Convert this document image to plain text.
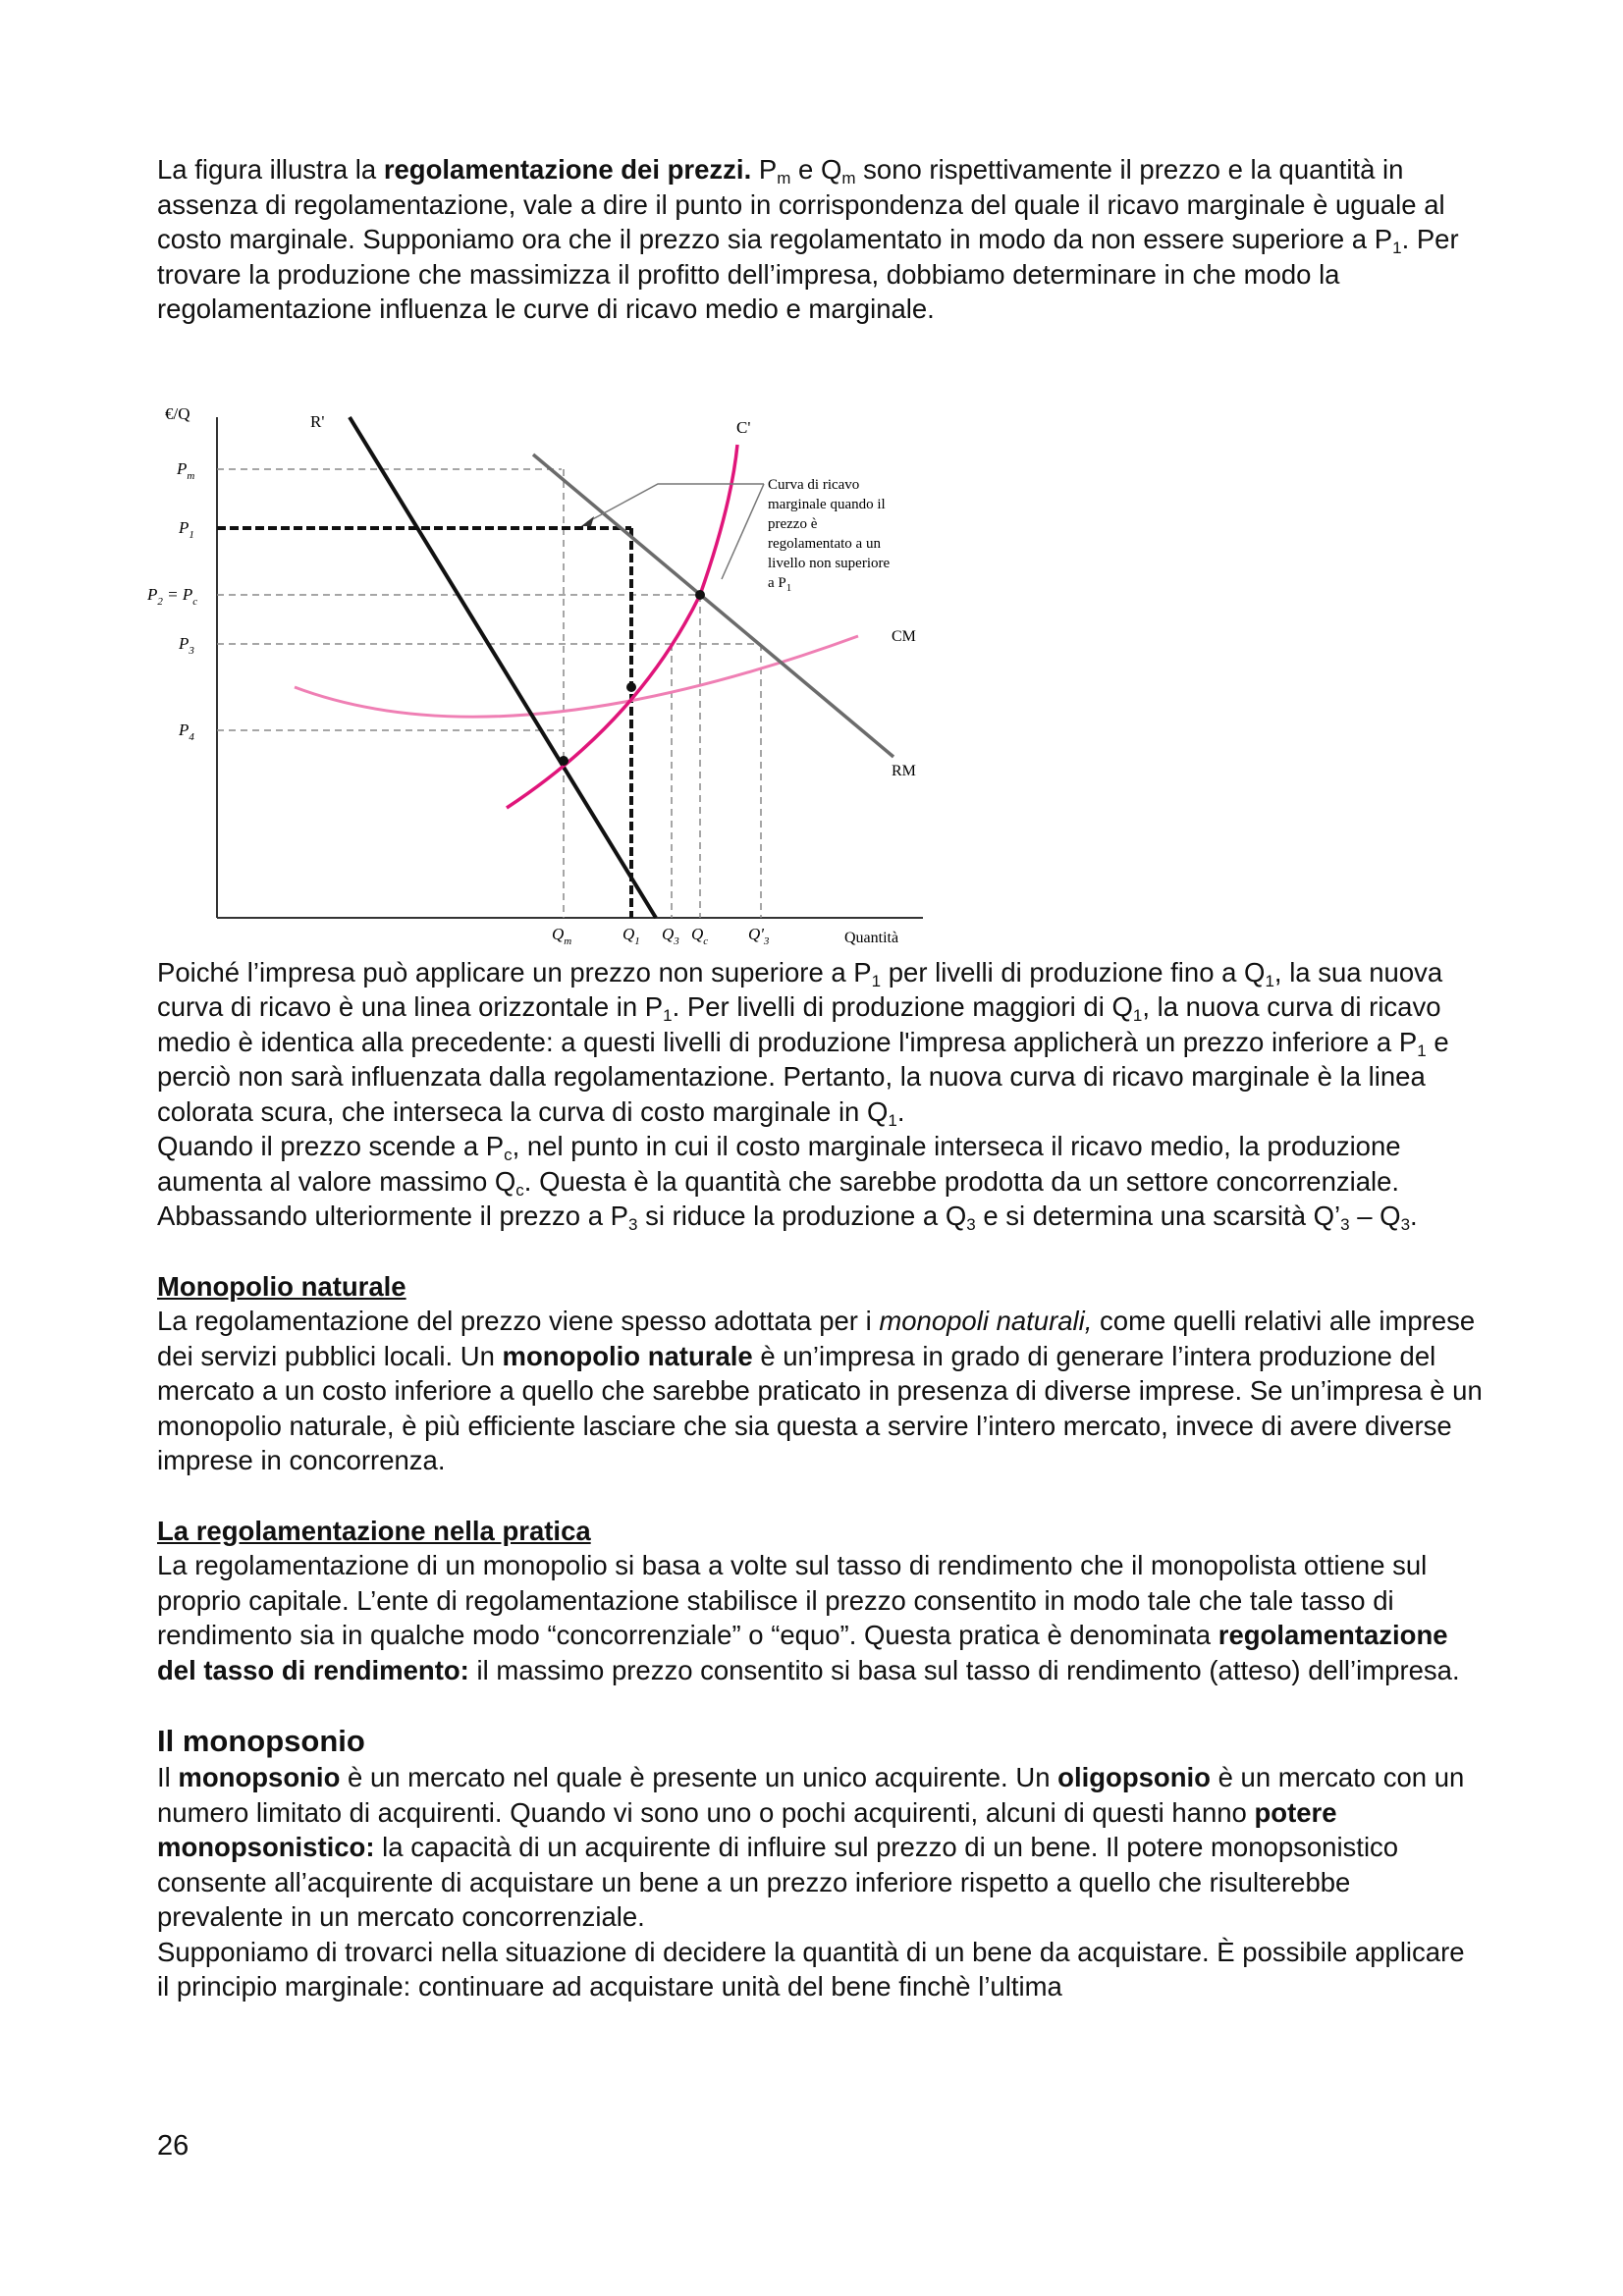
La figura illustra la regolamentazione dei prezzi. $P_m$ e $Q_m$ sono rispettivamente il prezzo e la quantità in assenza di regolamentazione, vale a dire il punto in corrispondenza del quale il ricavo marginale è uguale al costo marginale. Supponiamo ora che il prezzo sia regolamentato in modo da non essere superiore a $P_1$. Per trovare la produzione che massimizza il profitto dell’impresa, dobbiamo determinare in che modo la regolamentazione influenza le curve di ricavo medio e marginale.

Poiché l’impresa può applicare un prezzo non superiore a $P_1$ per livelli di produzione fino a $Q_1$, la sua nuova curva di ricavo è una linea orizzontale in $P_1$. Per livelli di produzione maggiori di $Q_1$, la nuova curva di ricavo medio è identica alla precedente: a questi livelli di produzione l'impresa applicherà un prezzo inferiore a $P_1$ e perciò non sarà influenzata dalla regolamentazione. Pertanto, la nuova curva di ricavo marginale è la linea colorata scura, che interseca la curva di costo marginale in $Q_1$.

Quando il prezzo scende a $P_c$, nel punto in cui il costo marginale interseca il ricavo medio, la produzione aumenta al valore massimo $Q_c$. Questa è la quantità che sarebbe prodotta da un settore concorrenziale. Abbassando ulteriormente il prezzo a $P_3$ si riduce la produzione a $Q_3$ e si determina una scarsità $Q’_3 - Q_3$.

Monopolio naturale

La regolamentazione del prezzo viene spesso adottata per i monopoli naturali, come quelli relativi alle imprese dei servizi pubblici locali. Un monopolio naturale è un’impresa in grado di generare l’intera produzione del mercato a un costo inferiore a quello che sarebbe praticato in presenza di diverse imprese. Se un’impresa è un monopolio naturale, è più efficiente lasciare che sia questa a servire l’intero mercato, invece di avere diverse imprese in concorrenza.

La regolamentazione nella pratica

La regolamentazione di un monopolio si basa a volte sul tasso di rendimento che il monopolista ottiene sul proprio capitale. L’ente di regolamentazione stabilisce il prezzo consentito in modo tale che tale tasso di rendimento sia in qualche modo “concorrenziale” o “equo”. Questa pratica è denominata regolamentazione del tasso di rendimento: il massimo prezzo consentito si basa sul tasso di rendimento (atteso) dell’impresa.

Il monopsonio

Il monopsonio è un mercato nel quale è presente un unico acquirente. Un oligopsonio è un mercato con un numero limitato di acquirenti. Quando vi sono uno o pochi acquirenti, alcuni di questi hanno potere monopsonistico: la capacità di un acquirente di influire sul prezzo di un bene. Il potere monopsonistico consente all’acquirente di acquistare un bene a un prezzo inferiore rispetto a quello che risulterebbe prevalente in un mercato concorrenziale.

Supponiamo di trovarci nella situazione di decidere la quantità di un bene da acquistare. È possibile applicare il principio marginale: continuare ad acquistare unità del bene finchè l’ultima

€/Q
Quantità
$P_m$
$P_1$
$P_2 = P_c$
$P_3$
$P_4$
$Q_m$	$Q_1$ $Q_3$ $Q_c$ $Q'_3$
R'	C'
CM
RM
Curva di ricavo marginale quando il prezzo è regolamentato a un livello non superiore a $P_1$
26
